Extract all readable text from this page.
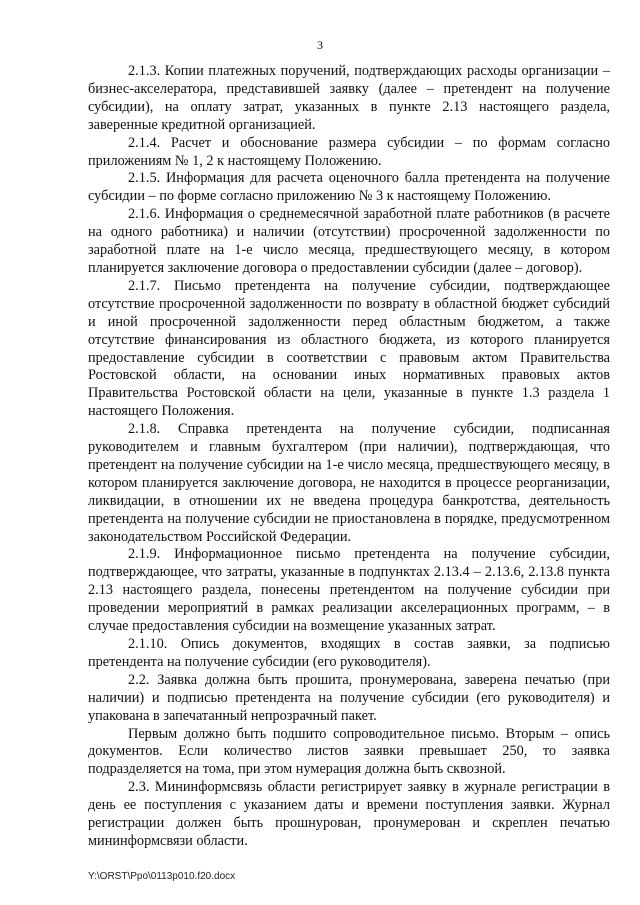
3

2.1.3. Копии платежных поручений, подтверждающих расходы организации – бизнес-акселератора, представившей заявку (далее – претендент на получение субсидии), на оплату затрат, указанных в пункте 2.13 настоящего раздела, заверенные кредитной организацией.

2.1.4. Расчет и обоснование размера субсидии – по формам согласно приложениям № 1, 2 к настоящему Положению.

2.1.5. Информация для расчета оценочного балла претендента на получение субсидии – по форме согласно приложению № 3 к настоящему Положению.

2.1.6. Информация о среднемесячной заработной плате работников (в расчете на одного работника) и наличии (отсутствии) просроченной задолженности по заработной плате на 1-е число месяца, предшествующего месяцу, в котором планируется заключение договора о предоставлении субсидии (далее – договор).

2.1.7. Письмо претендента на получение субсидии, подтверждающее отсутствие просроченной задолженности по возврату в областной бюджет субсидий и иной просроченной задолженности перед областным бюджетом, а также отсутствие финансирования из областного бюджета, из которого планируется предоставление субсидии в соответствии с правовым актом Правительства Ростовской области, на основании иных нормативных правовых актов Правительства Ростовской области на цели, указанные в пункте 1.3 раздела 1 настоящего Положения.

2.1.8. Справка претендента на получение субсидии, подписанная руководителем и главным бухгалтером (при наличии), подтверждающая, что претендент на получение субсидии на 1-е число месяца, предшествующего месяцу, в котором планируется заключение договора, не находится в процессе реорганизации, ликвидации, в отношении их не введена процедура банкротства, деятельность претендента на получение субсидии не приостановлена в порядке, предусмотренном законодательством Российской Федерации.

2.1.9. Информационное письмо претендента на получение субсидии, подтверждающее, что затраты, указанные в подпунктах 2.13.4 – 2.13.6, 2.13.8 пункта 2.13 настоящего раздела, понесены претендентом на получение субсидии при проведении мероприятий в рамках реализации акселерационных программ, – в случае предоставления субсидии на возмещение указанных затрат.

2.1.10. Опись документов, входящих в состав заявки, за подписью претендента на получение субсидии (его руководителя).

2.2. Заявка должна быть прошита, пронумерована, заверена печатью (при наличии) и подписью претендента на получение субсидии (его руководителя) и упакована в запечатанный непрозрачный пакет.

Первым должно быть подшито сопроводительное письмо. Вторым – опись документов. Если количество листов заявки превышает 250, то заявка подразделяется на тома, при этом нумерация должна быть сквозной.

2.3. Мининформсвязь области регистрирует заявку в журнале регистрации в день ее поступления с указанием даты и времени поступления заявки. Журнал регистрации должен быть прошнурован, пронумерован и скреплен печатью мининформсвязи области.

Y:\ORST\Ppo\0113p010.f20.docx
